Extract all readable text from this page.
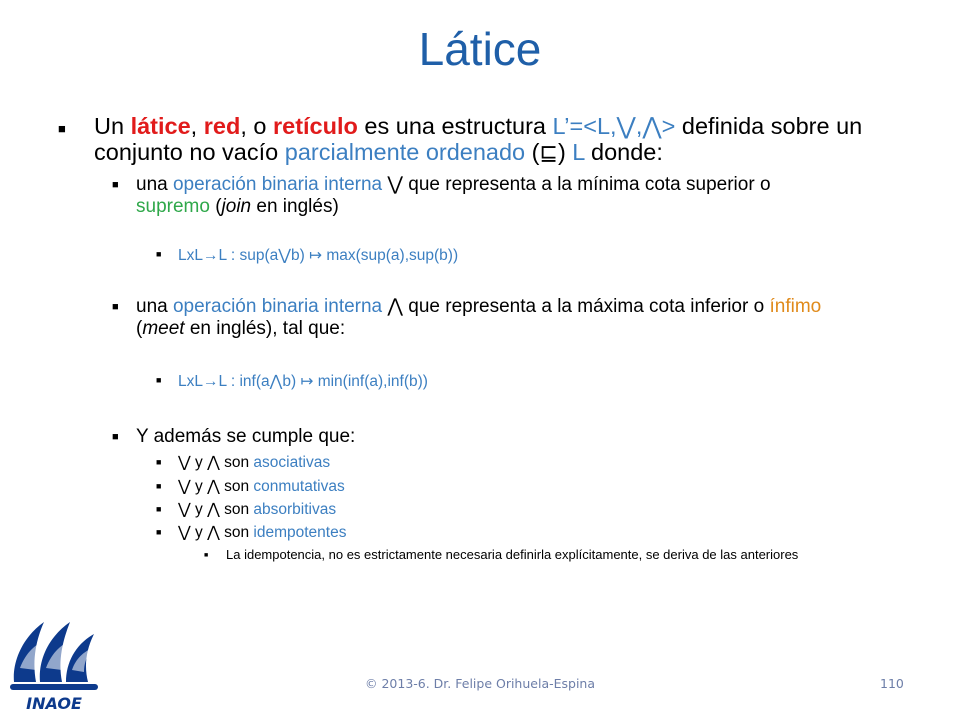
Látice
■ Un látice, red, o retículo es una estructura L’=<L,⋁,⋀> definida sobre un conjunto no vacío parcialmente ordenado (⊑) L donde:
■ una operación binaria interna ⋁ que representa a la mínima cota superior o supremo (join en inglés)
■ LxL→L : sup(a⋁b) ↦ max(sup(a),sup(b))
■ una operación binaria interna ⋀ que representa a la máxima cota inferior o ínfimo (meet en inglés), tal que:
■ LxL→L : inf(a⋀b) ↦ min(inf(a),inf(b))
■ Y además se cumple que:
■ ⋁ y ⋀ son asociativas
■ ⋁ y ⋀ son conmutativas
■ ⋁ y ⋀ son absorbitivas
■ ⋁ y ⋀ son idempotentes
■ La idempotencia, no es estrictamente necesaria definirla explícitamente, se deriva de las anteriores
INAOE
© 2013-6. Dr. Felipe Orihuela-Espina	110
